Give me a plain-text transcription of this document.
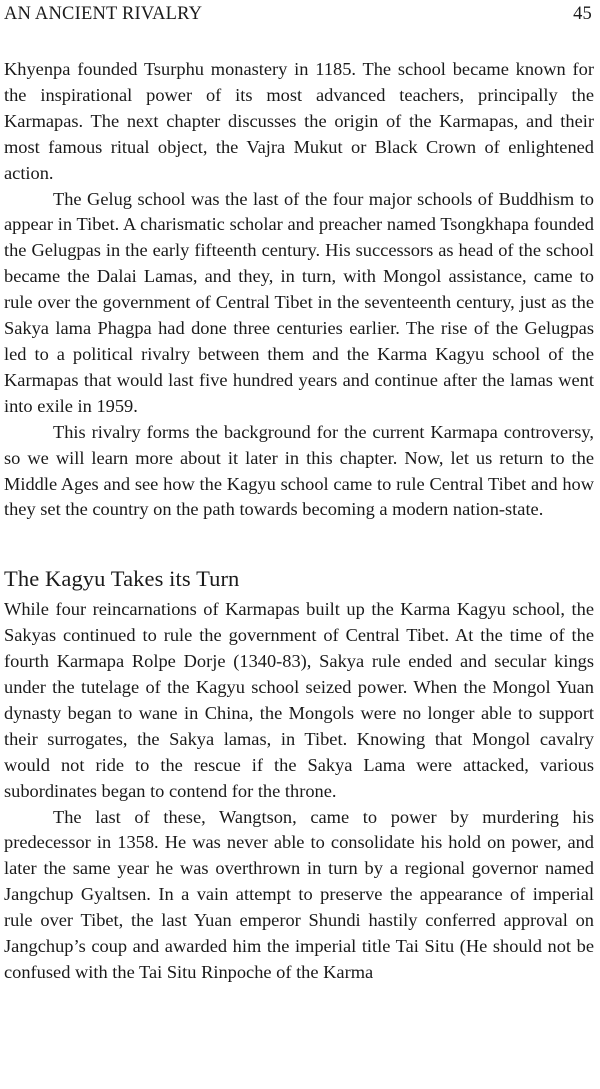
AN ANCIENT RIVALRY	45

Khyenpa founded Tsurphu monastery in 1185. The school became known for the inspirational power of its most advanced teachers, principally the Karmapas. The next chapter discusses the origin of the Karmapas, and their most famous ritual object, the Vajra Mukut or Black Crown of enlightened action.

The Gelug school was the last of the four major schools of Buddhism to appear in Tibet. A charismatic scholar and preacher named Tsongkhapa founded the Gelugpas in the early fifteenth century. His successors as head of the school became the Dalai Lamas, and they, in turn, with Mongol assistance, came to rule over the government of Central Tibet in the seventeenth century, just as the Sakya lama Phagpa had done three centuries earlier. The rise of the Gelugpas led to a political rivalry between them and the Karma Kagyu school of the Karmapas that would last five hundred years and continue after the lamas went into exile in 1959.

This rivalry forms the background for the current Karmapa controversy, so we will learn more about it later in this chapter. Now, let us return to the Middle Ages and see how the Kagyu school came to rule Central Tibet and how they set the country on the path towards becoming a modern nation-state.

The Kagyu Takes its Turn

While four reincarnations of Karmapas built up the Karma Kagyu school, the Sakyas continued to rule the government of Central Tibet. At the time of the fourth Karmapa Rolpe Dorje (1340-83), Sakya rule ended and secular kings under the tutelage of the Kagyu school seized power. When the Mongol Yuan dynasty began to wane in China, the Mongols were no longer able to support their surrogates, the Sakya lamas, in Tibet. Knowing that Mongol cavalry would not ride to the rescue if the Sakya Lama were attacked, various subordinates began to contend for the throne.

The last of these, Wangtson, came to power by murdering his predecessor in 1358. He was never able to consolidate his hold on power, and later the same year he was overthrown in turn by a regional governor named Jangchup Gyaltsen. In a vain attempt to preserve the appearance of imperial rule over Tibet, the last Yuan emperor Shundi hastily conferred approval on Jangchup’s coup and awarded him the imperial title Tai Situ (He should not be confused with the Tai Situ Rinpoche of the Karma
